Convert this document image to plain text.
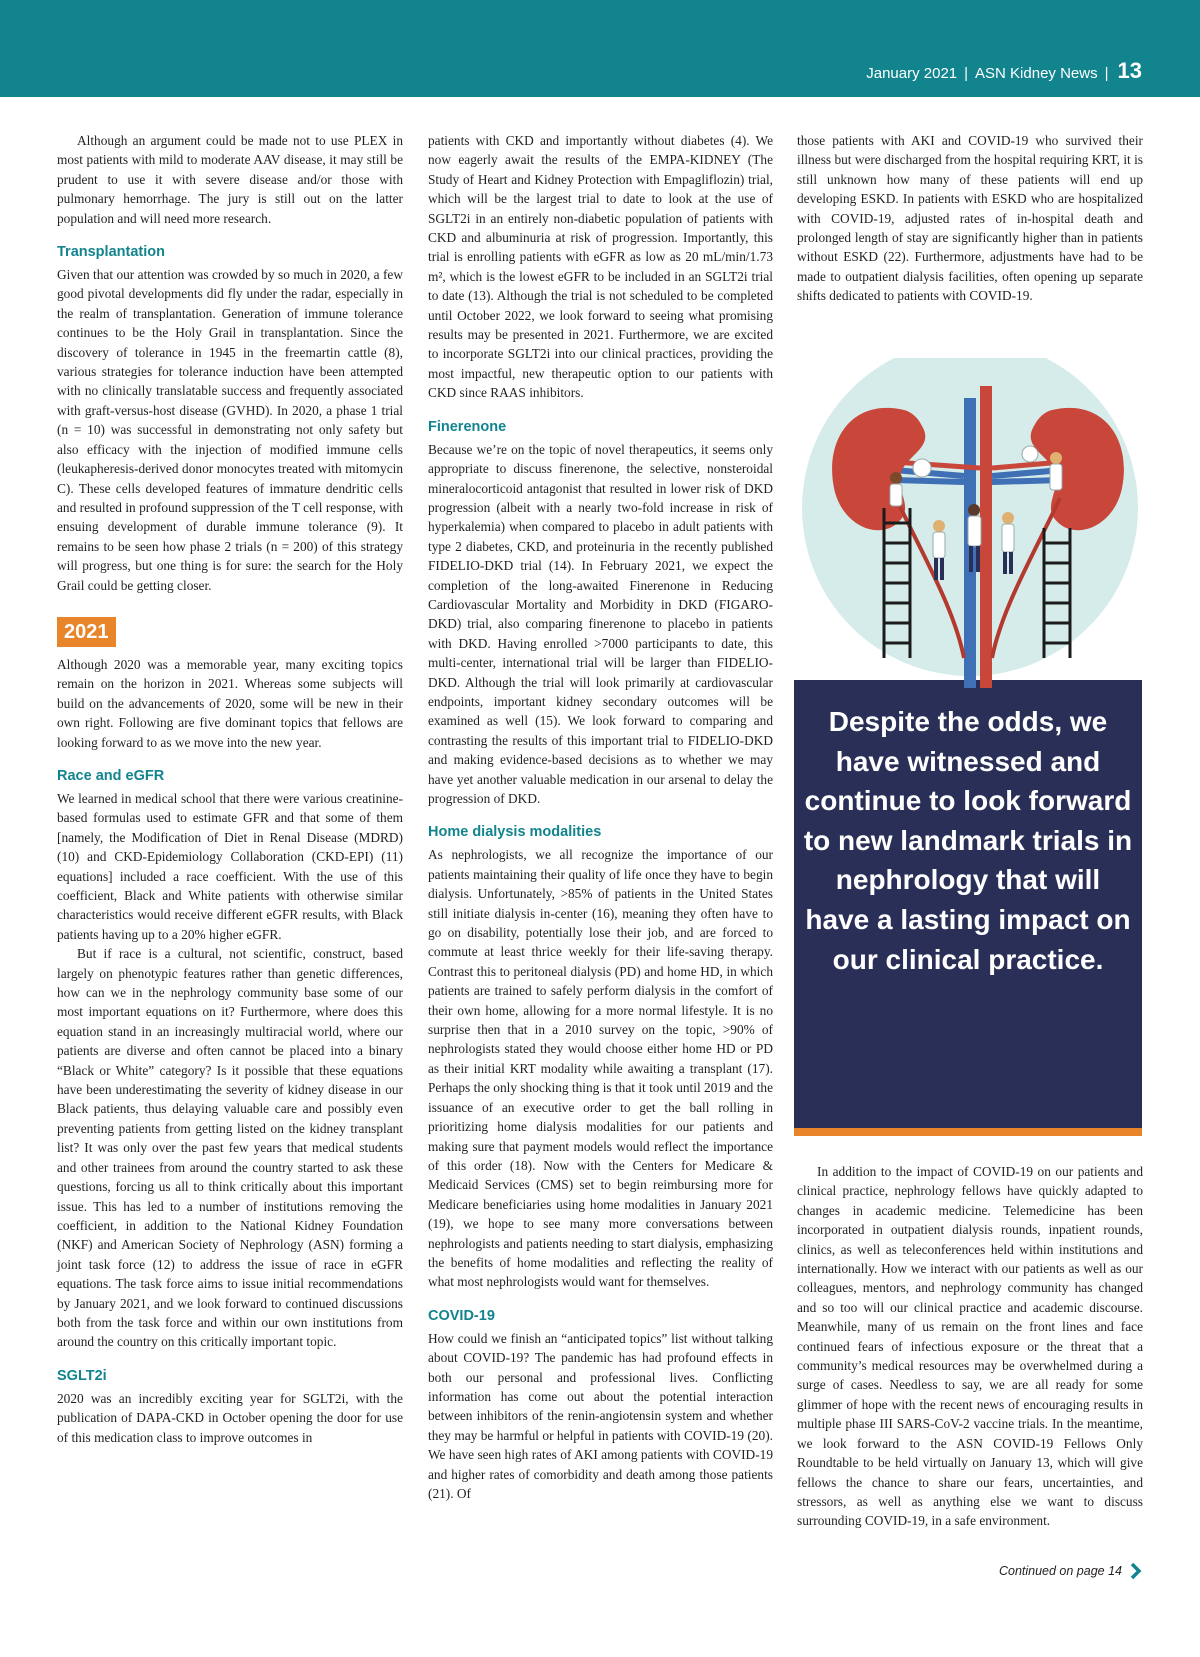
January 2021 | ASN Kidney News | 13

Although an argument could be made not to use PLEX in most patients with mild to moderate AAV disease, it may still be prudent to use it with severe disease and/or those with pulmonary hemorrhage. The jury is still out on the latter population and will need more research.

Transplantation

Given that our attention was crowded by so much in 2020, a few good pivotal developments did fly under the radar, especially in the realm of transplantation. Generation of immune tolerance continues to be the Holy Grail in transplantation. Since the discovery of tolerance in 1945 in the freemartin cattle (8), various strategies for tolerance induction have been attempted with no clinically translatable success and frequently associated with graft-versus-host disease (GVHD). In 2020, a phase 1 trial (n = 10) was successful in demonstrating not only safety but also efficacy with the injection of modified immune cells (leukapheresis-derived donor monocytes treated with mitomycin C). These cells developed features of immature dendritic cells and resulted in profound suppression of the T cell response, with ensuing development of durable immune tolerance (9). It remains to be seen how phase 2 trials (n = 200) of this strategy will progress, but one thing is for sure: the search for the Holy Grail could be getting closer.

2021

Although 2020 was a memorable year, many exciting topics remain on the horizon in 2021. Whereas some subjects will build on the advancements of 2020, some will be new in their own right. Following are five dominant topics that fellows are looking forward to as we move into the new year.

Race and eGFR

We learned in medical school that there were various creatinine-based formulas used to estimate GFR and that some of them [namely, the Modification of Diet in Renal Disease (MDRD) (10) and CKD-Epidemiology Collaboration (CKD-EPI) (11) equations] included a race coefficient. With the use of this coefficient, Black and White patients with otherwise similar characteristics would receive different eGFR results, with Black patients having up to a 20% higher eGFR.

But if race is a cultural, not scientific, construct, based largely on phenotypic features rather than genetic differences, how can we in the nephrology community base some of our most important equations on it? Furthermore, where does this equation stand in an increasingly multiracial world, where our patients are diverse and often cannot be placed into a binary “Black or White” category? Is it possible that these equations have been underestimating the severity of kidney disease in our Black patients, thus delaying valuable care and possibly even preventing patients from getting listed on the kidney transplant list? It was only over the past few years that medical students and other trainees from around the country started to ask these questions, forcing us all to think critically about this important issue. This has led to a number of institutions removing the coefficient, in addition to the National Kidney Foundation (NKF) and American Society of Nephrology (ASN) forming a joint task force (12) to address the issue of race in eGFR equations. The task force aims to issue initial recommendations by January 2021, and we look forward to continued discussions both from the task force and within our own institutions from around the country on this critically important topic.

SGLT2i

2020 was an incredibly exciting year for SGLT2i, with the publication of DAPA-CKD in October opening the door for use of this medication class to improve outcomes in

patients with CKD and importantly without diabetes (4). We now eagerly await the results of the EMPA-KIDNEY (The Study of Heart and Kidney Protection with Empagliflozin) trial, which will be the largest trial to date to look at the use of SGLT2i in an entirely non-diabetic population of patients with CKD and albuminuria at risk of progression. Importantly, this trial is enrolling patients with eGFR as low as 20 mL/min/1.73 m², which is the lowest eGFR to be included in an SGLT2i trial to date (13). Although the trial is not scheduled to be completed until October 2022, we look forward to seeing what promising results may be presented in 2021. Furthermore, we are excited to incorporate SGLT2i into our clinical practices, providing the most impactful, new therapeutic option to our patients with CKD since RAAS inhibitors.

Finerenone

Because we’re on the topic of novel therapeutics, it seems only appropriate to discuss finerenone, the selective, nonsteroidal mineralocorticoid antagonist that resulted in lower risk of DKD progression (albeit with a nearly two-fold increase in risk of hyperkalemia) when compared to placebo in adult patients with type 2 diabetes, CKD, and proteinuria in the recently published FIDELIO-DKD trial (14). In February 2021, we expect the completion of the long-awaited Finerenone in Reducing Cardiovascular Mortality and Morbidity in DKD (FIGARO-DKD) trial, also comparing finerenone to placebo in patients with DKD. Having enrolled >7000 participants to date, this multi-center, international trial will be larger than FIDELIO-DKD. Although the trial will look primarily at cardiovascular endpoints, important kidney secondary outcomes will be examined as well (15). We look forward to comparing and contrasting the results of this important trial to FIDELIO-DKD and making evidence-based decisions as to whether we may have yet another valuable medication in our arsenal to delay the progression of DKD.

Home dialysis modalities

As nephrologists, we all recognize the importance of our patients maintaining their quality of life once they have to begin dialysis. Unfortunately, >85% of patients in the United States still initiate dialysis in-center (16), meaning they often have to go on disability, potentially lose their job, and are forced to commute at least thrice weekly for their life-saving therapy. Contrast this to peritoneal dialysis (PD) and home HD, in which patients are trained to safely perform dialysis in the comfort of their own home, allowing for a more normal lifestyle. It is no surprise then that in a 2010 survey on the topic, >90% of nephrologists stated they would choose either home HD or PD as their initial KRT modality while awaiting a transplant (17). Perhaps the only shocking thing is that it took until 2019 and the issuance of an executive order to get the ball rolling in prioritizing home dialysis modalities for our patients and making sure that payment models would reflect the importance of this order (18). Now with the Centers for Medicare & Medicaid Services (CMS) set to begin reimbursing more for Medicare beneficiaries using home modalities in January 2021 (19), we hope to see many more conversations between nephrologists and patients needing to start dialysis, emphasizing the benefits of home modalities and reflecting the reality of what most nephrologists would want for themselves.

COVID-19

How could we finish an “anticipated topics” list without talking about COVID-19? The pandemic has had profound effects in both our personal and professional lives. Conflicting information has come out about the potential interaction between inhibitors of the renin-angiotensin system and whether they may be harmful or helpful in patients with COVID-19 (20). We have seen high rates of AKI among patients with COVID-19 and higher rates of comorbidity and death among those patients (21). Of

those patients with AKI and COVID-19 who survived their illness but were discharged from the hospital requiring KRT, it is still unknown how many of these patients will end up developing ESKD. In patients with ESKD who are hospitalized with COVID-19, adjusted rates of in-hospital death and prolonged length of stay are significantly higher than in patients without ESKD (22). Furthermore, adjustments have had to be made to outpatient dialysis facilities, often opening up separate shifts dedicated to patients with COVID-19.

Despite the odds, we have witnessed and continue to look forward to new landmark trials in nephrology that will have a lasting impact on our clinical practice.

In addition to the impact of COVID-19 on our patients and clinical practice, nephrology fellows have quickly adapted to changes in academic medicine. Telemedicine has been incorporated in outpatient dialysis rounds, inpatient rounds, clinics, as well as teleconferences held within institutions and internationally. How we interact with our patients as well as our colleagues, mentors, and nephrology community has changed and so too will our clinical practice and academic discourse. Meanwhile, many of us remain on the front lines and face continued fears of infectious exposure or the threat that a community’s medical resources may be overwhelmed during a surge of cases. Needless to say, we are all ready for some glimmer of hope with the recent news of encouraging results in multiple phase III SARS-CoV-2 vaccine trials. In the meantime, we look forward to the ASN COVID-19 Fellows Only Roundtable to be held virtually on January 13, which will give fellows the chance to share our fears, uncertainties, and stressors, as well as anything else we want to discuss surrounding COVID-19, in a safe environment.

Continued on page 14
